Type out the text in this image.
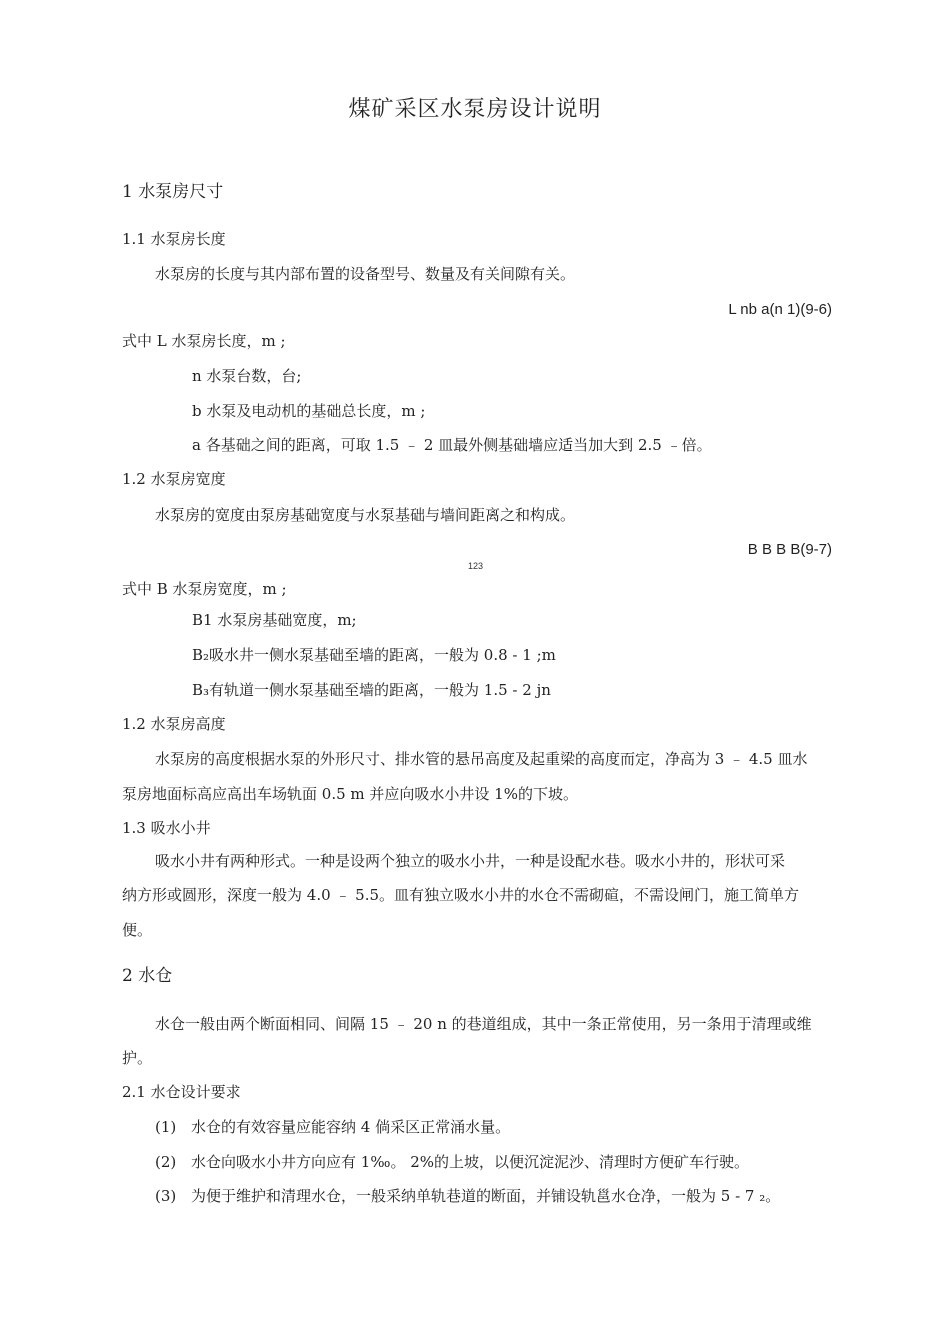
煤矿采区水泵房设计说明
1 水泵房尺寸
1.1 水泵房长度
水泵房的长度与其内部布置的设备型号、数量及有关间隙有关。
L nb a(n 1)(9-6)
式中 L 水泵房长度，m ;
n 水泵台数，台;
b 水泵及电动机的基础总长度，m ;
a 各基础之间的距离，可取 1.5 ﹣ 2 皿最外侧基础墙应适当加大到 2.5 ﹣倍。
1.2 水泵房宽度
水泵房的宽度由泵房基础宽度与水泵基础与墙间距离之和构成。
B B B B(9-7)
123
式中 B 水泵房宽度，m ;
B1 水泵房基础宽度，m;
B₂吸水井一侧水泵基础至墙的距离，一般为 0.8 - 1 ;m
B₃有轨道一侧水泵基础至墙的距离，一般为 1.5 - 2 jn
1.2 水泵房高度
水泵房的高度根据水泵的外形尺寸、排水管的悬吊高度及起重梁的高度而定，净高为 3 ﹣ 4.5 皿水
泵房地面标高应高出车场轨面 0.5 m 并应向吸水小井设 1%的下坡。
1.3 吸水小井
吸水小井有两种形式。一种是设两个独立的吸水小井，一种是设配水巷。吸水小井的，形状可采
纳方形或圆形，深度一般为 4.0 ﹣ 5.5。皿有独立吸水小井的水仓不需砌碹，不需设闸门，施工简单方
便。
2 水仓
水仓一般由两个断面相同、间隔 15 ﹣ 20 n 的巷道组成，其中一条正常使用，另一条用于清理或维
护。
2.1 水仓设计要求
(1) 水仓的有效容量应能容纳 4 倘采区正常涌水量。
(2) 水仓向吸水小井方向应有 1‰。 2%的上坡，以便沉淀泥沙、清理时方便矿车行驶。
(3) 为便于维护和清理水仓，一般采纳单轨巷道的断面，并铺设轨邕水仓净，一般为 5 - 7 ₂。
